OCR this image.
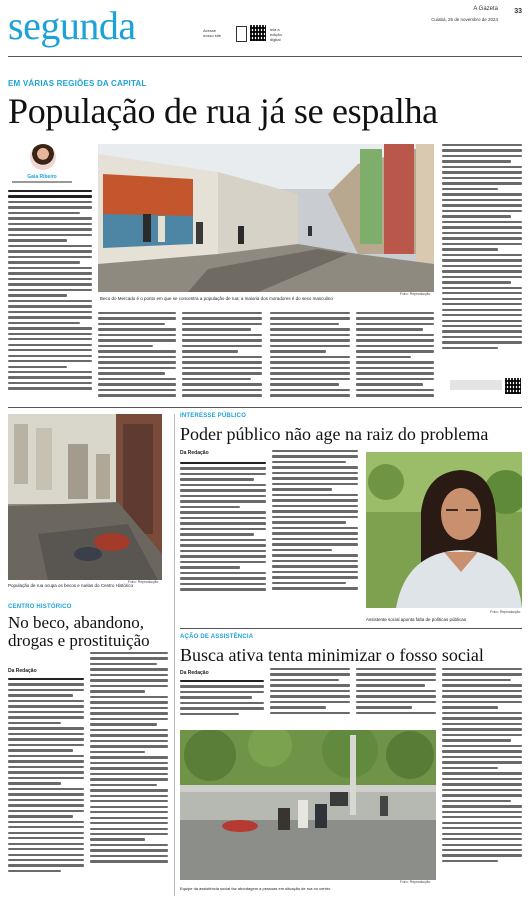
segunda	Acesse
nosso site
leia a
edição
digital
A Gazeta
Cuiabá, 25 de novembro de 2024
33
EM VÁRIAS REGIÕES DA CAPITAL
População de rua já se espalha
Gaia Ribeiro
Beco do Mercado é o ponto em que se concentra a população de rua; a maioria dos moradores é do sexo masculino
Foto: Reprodução
População de rua ocupa os becos e ruelas do Centro Histórico
Foto: Reprodução
CENTRO HISTÓRICO
No beco, abandono, drogas e prostituição
Da Redação
INTERESSE PÚBLICO
Poder público não age na raiz do problema
Da Redação
Assistente social aponta falta de políticas públicas
Foto: Reprodução
AÇÃO DE ASSISTÊNCIA
Busca ativa tenta minimizar o fosso social
Da Redação
Equipe da assistência social faz abordagem a pessoas em situação de rua no centro
Foto: Reprodução
